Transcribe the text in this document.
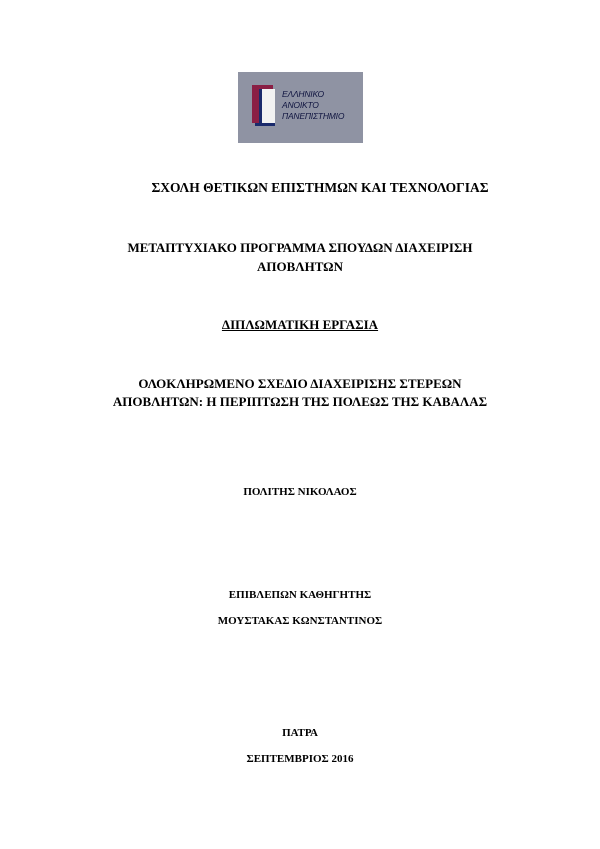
ΕΛΛΗΝΙΚΟ
ΑΝΟΙΚΤΟ
ΠΑΝΕΠΙΣΤΗΜΙΟ
ΣΧΟΛΗ ΘΕΤΙΚΩΝ ΕΠΙΣΤΗΜΩΝ ΚΑΙ ΤΕΧΝΟΛΟΓΙΑΣ
ΜΕΤΑΠΤΥΧΙΑΚΟ ΠΡΟΓΡΑΜΜΑ ΣΠΟΥΔΩΝ ΔΙΑΧΕΙΡΙΣΗ
ΑΠΟΒΛΗΤΩΝ
ΔΙΠΛΩΜΑΤΙΚΗ ΕΡΓΑΣΙΑ
ΟΛΟΚΛΗΡΩΜΕΝΟ ΣΧΕΔΙΟ ΔΙΑΧΕΙΡΙΣΗΣ ΣΤΕΡΕΩΝ
ΑΠΟΒΛΗΤΩΝ: Η ΠΕΡΙΠΤΩΣΗ ΤΗΣ ΠΟΛΕΩΣ ΤΗΣ ΚΑΒΑΛΑΣ
ΠΟΛΙΤΗΣ ΝΙΚΟΛΑΟΣ
ΕΠΙΒΛΕΠΩΝ ΚΑΘΗΓΗΤΗΣ
ΜΟΥΣΤΑΚΑΣ ΚΩΝΣΤΑΝΤΙΝΟΣ
ΠΑΤΡΑ
ΣΕΠΤΕΜΒΡΙΟΣ 2016
